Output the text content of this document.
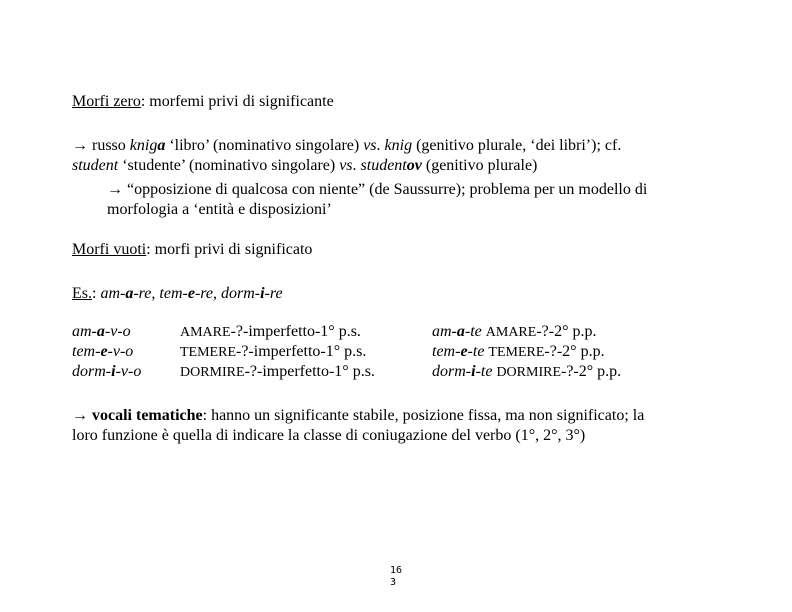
Morfi zero: morfemi privi di significante
→ russo kniga ‘libro’ (nominativo singolare) vs. knig (genitivo plurale, ‘dei libri’); cf.
student ‘studente’ (nominativo singolare) vs. studentov (genitivo plurale)
→ “opposizione di qualcosa con niente” (de Saussurre); problema per un modello di
morfologia a ‘entità e disposizioni’
Morfi vuoti: morfi privi di significato
Es.: am-a-re, tem-e-re, dorm-i-re
am-a-v-o
tem-e-v-o
dorm-i-v-o
AMARE-?-imperfetto-1° p.s.
TEMERE-?-imperfetto-1° p.s.
DORMIRE-?-imperfetto-1° p.s.
am-a-te AMARE-?-2° p.p.
tem-e-te TEMERE-?-2° p.p.
dorm-i-te DORMIRE-?-2° p.p.
→ vocali tematiche: hanno un significante stabile, posizione fissa, ma non significato; la
loro funzione è quella di indicare la classe di coniugazione del verbo (1°, 2°, 3°)
16
3
